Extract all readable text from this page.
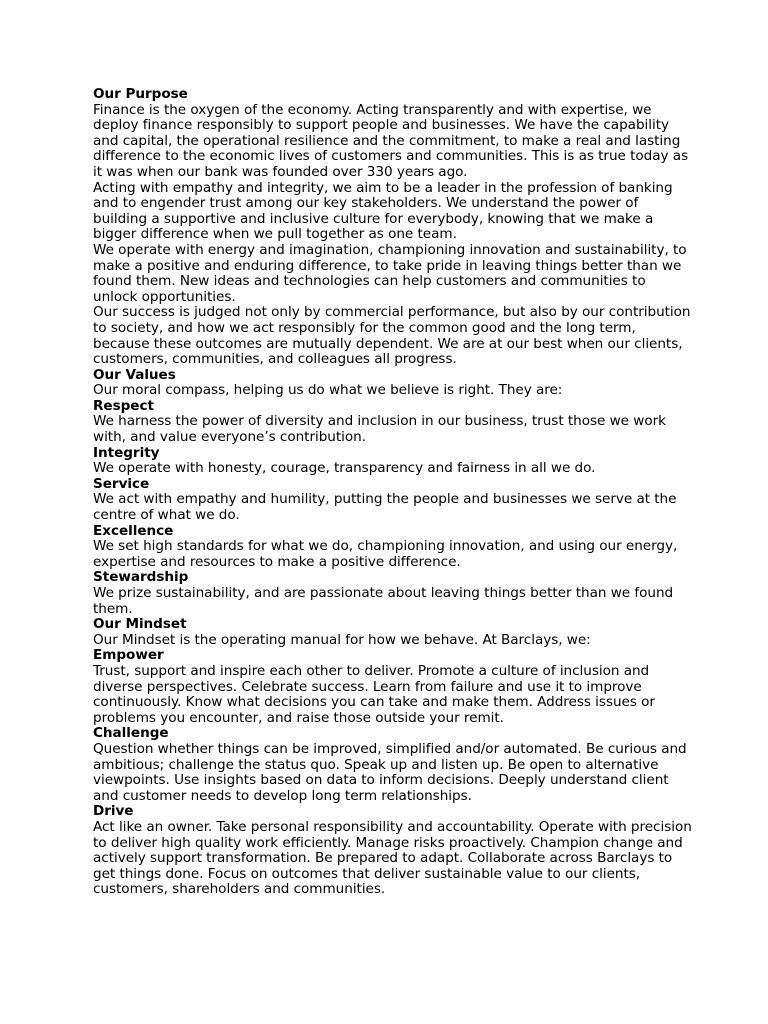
Our Purpose
Finance is the oxygen of the economy. Acting transparently and with expertise, we deploy finance responsibly to support people and businesses. We have the capability and capital, the operational resilience and the commitment, to make a real and lasting difference to the economic lives of customers and communities. This is as true today as it was when our bank was founded over 330 years ago.
Acting with empathy and integrity, we aim to be a leader in the profession of banking and to engender trust among our key stakeholders. We understand the power of building a supportive and inclusive culture for everybody, knowing that we make a bigger difference when we pull together as one team.
We operate with energy and imagination, championing innovation and sustainability, to make a positive and enduring difference, to take pride in leaving things better than we found them. New ideas and technologies can help customers and communities to unlock opportunities.
Our success is judged not only by commercial performance, but also by our contribution to society, and how we act responsibly for the common good and the long term, because these outcomes are mutually dependent. We are at our best when our clients, customers, communities, and colleagues all progress.
Our Values
Our moral compass, helping us do what we believe is right. They are:
Respect
We harness the power of diversity and inclusion in our business, trust those we work with, and value everyone’s contribution.
Integrity
We operate with honesty, courage, transparency and fairness in all we do.
Service
We act with empathy and humility, putting the people and businesses we serve at the centre of what we do.
Excellence
We set high standards for what we do, championing innovation, and using our energy, expertise and resources to make a positive difference.
Stewardship
We prize sustainability, and are passionate about leaving things better than we found them.
Our Mindset
Our Mindset is the operating manual for how we behave. At Barclays, we:
Empower
Trust, support and inspire each other to deliver. Promote a culture of inclusion and diverse perspectives. Celebrate success. Learn from failure and use it to improve continuously. Know what decisions you can take and make them. Address issues or problems you encounter, and raise those outside your remit.
Challenge
Question whether things can be improved, simplified and/or automated. Be curious and ambitious; challenge the status quo. Speak up and listen up. Be open to alternative viewpoints. Use insights based on data to inform decisions. Deeply understand client and customer needs to develop long term relationships.
Drive
Act like an owner. Take personal responsibility and accountability. Operate with precision to deliver high quality work efficiently. Manage risks proactively. Champion change and actively support transformation. Be prepared to adapt. Collaborate across Barclays to get things done. Focus on outcomes that deliver sustainable value to our clients, customers, shareholders and communities.
